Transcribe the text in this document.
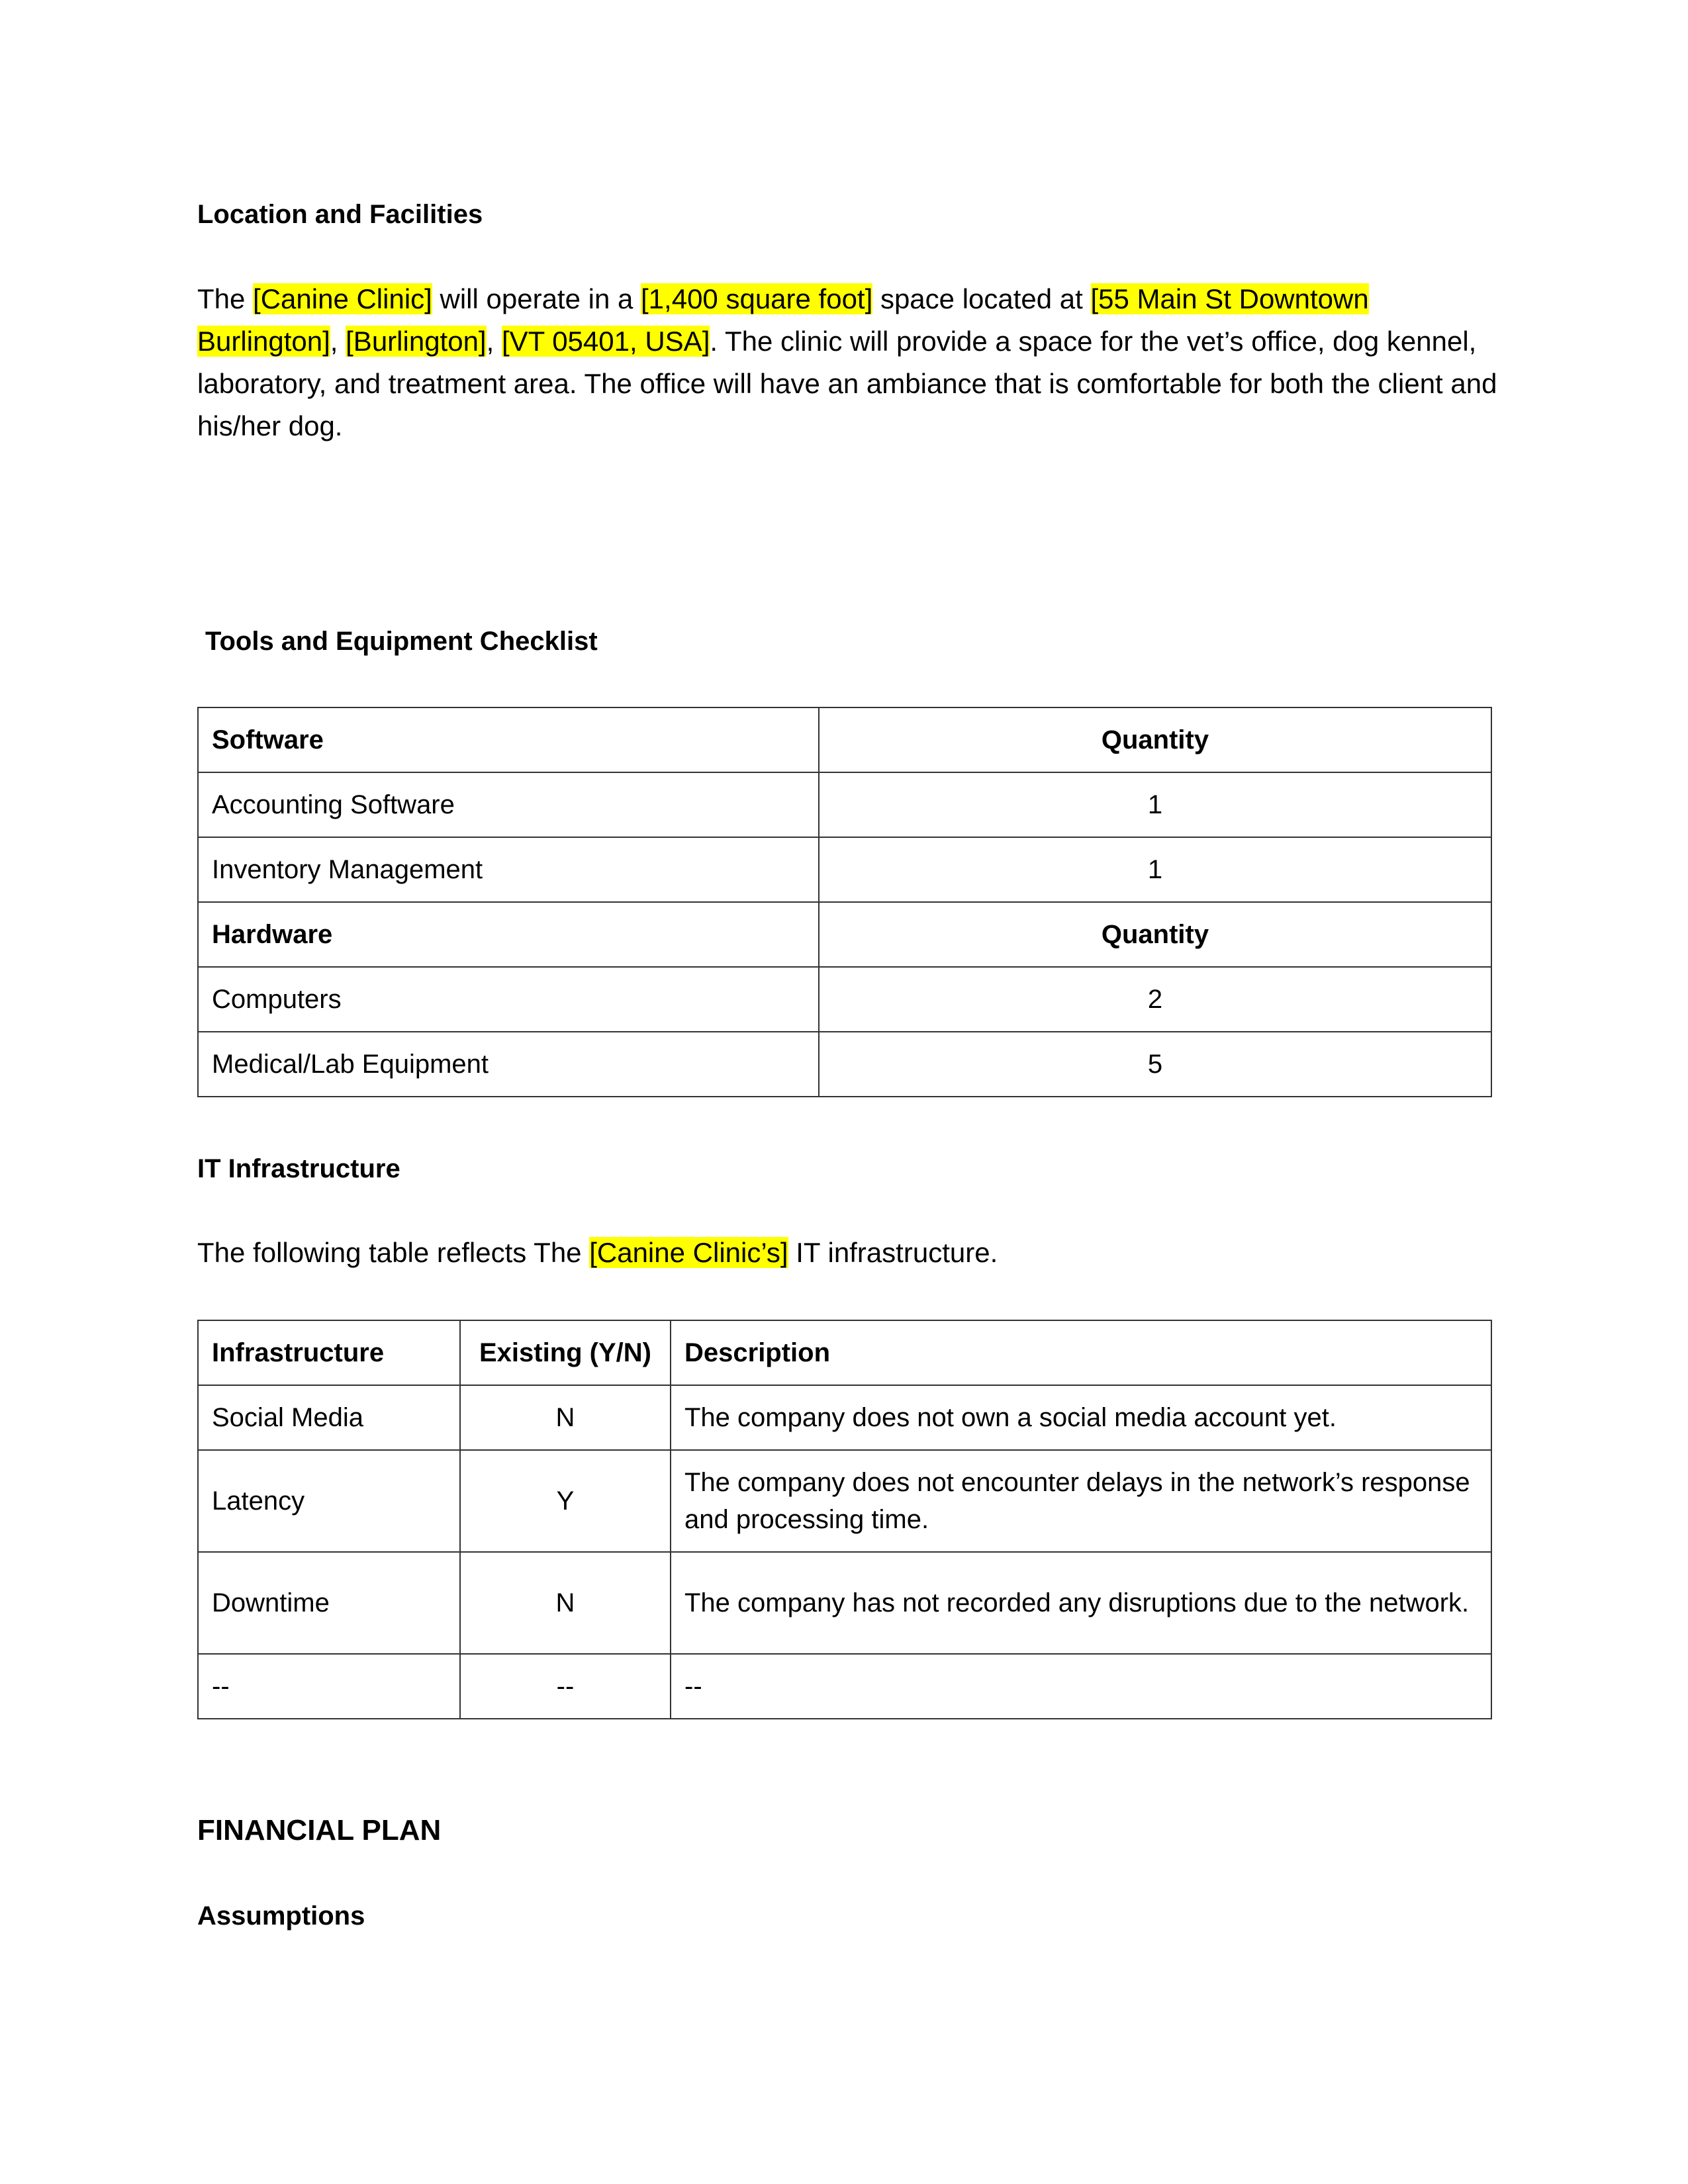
Location and Facilities
The [Canine Clinic] will operate in a [1,400 square foot] space located at [55 Main St Downtown Burlington], [Burlington], [VT 05401, USA]. The clinic will provide a space for the vet’s office, dog kennel, laboratory, and treatment area. The office will have an ambiance that is comfortable for both the client and his/her dog.
Tools and Equipment Checklist
Software	Quantity
Accounting Software	1
Inventory Management	1
Hardware	Quantity
Computers	2
Medical/Lab Equipment	5
IT Infrastructure
The following table reflects The [Canine Clinic’s] IT infrastructure.
Infrastructure	Existing (Y/N)	Description
Social Media	N	The company does not own a social media account yet.
Latency	Y	The company does not encounter delays in the network’s response and processing time.
Downtime	N	The company has not recorded any disruptions due to the network.
--	--	--
FINANCIAL PLAN
Assumptions
